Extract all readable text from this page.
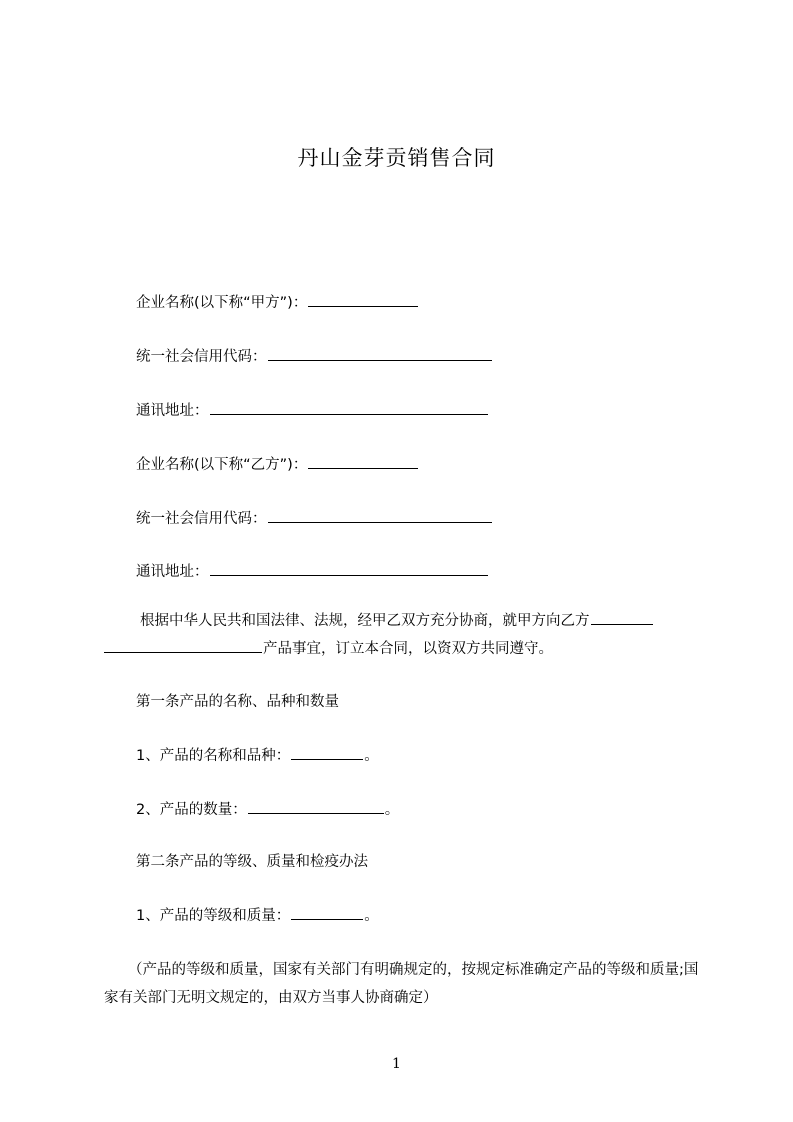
丹山金芽贡销售合同
企业名称(以下称“甲方”)：
统一社会信用代码：
通讯地址：
企业名称(以下称“乙方”)：
统一社会信用代码：
通讯地址：
根据中华人民共和国法律、法规，经甲乙双方充分协商，就甲方向乙方
产品事宜，订立本合同，以资双方共同遵守。
第一条产品的名称、品种和数量
1、产品的名称和品种：	。
2、产品的数量：	。
第二条产品的等级、质量和检疫办法
1、产品的等级和质量：	。
（产品的等级和质量，国家有关部门有明确规定的，按规定标准确定产品的等级和质量;国家有关部门无明文规定的，由双方当事人协商确定）
1
